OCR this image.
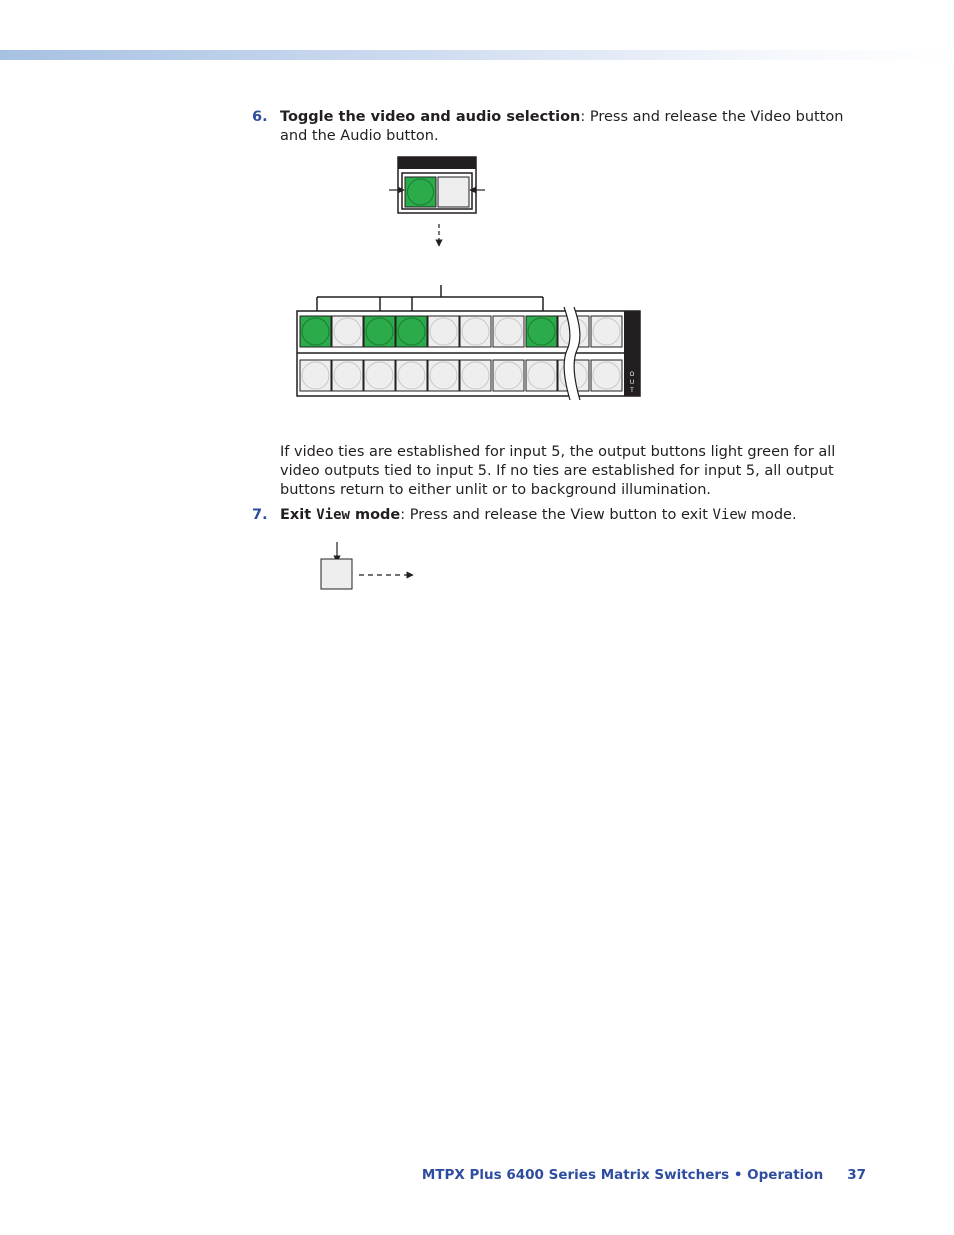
6. Toggle the video and audio selection: Press and release the Video button and the Audio button.
O
U
T
If video ties are established for input 5, the output buttons light green for all video outputs tied to input 5. If no ties are established for input 5, all output buttons return to either unlit or to background illumination.
7. Exit View mode: Press and release the View button to exit View mode.
MTPX Plus 6400 Series Matrix Switchers • Operation 37
